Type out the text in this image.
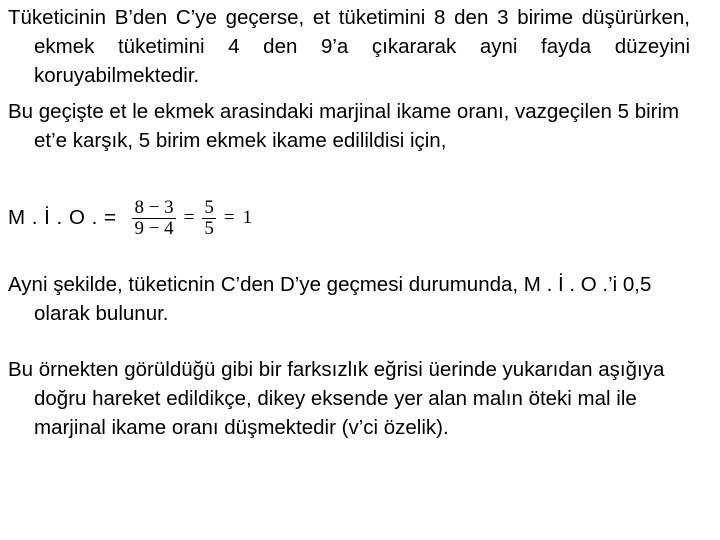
Tüketicinin B’den C’ye geçerse, et tüketimini 8 den 3 birime düşürürken, ekmek tüketimini 4 den 9’a çıkararak ayni fayda düzeyini koruyabilmektedir.

Bu geçişte et le ekmek arasindaki marjinal ikame oranı, vazgeçilen 5 birim et’e karşık, 5 birim ekmek ikame edilildisi için,

M . İ . O . = $\frac{8 - 3}{9 - 4} = \frac{5}{5} = 1$

Ayni şekilde, tüketicnin C’den D’ye geçmesi durumunda, M . İ . O .’i 0,5 olarak bulunur.

Bu örnekten görüldüğü gibi bir farksızlık eğrisi üerinde yukarıdan aşığıya doğru hareket edildikçe, dikey eksende yer alan malın öteki mal ile marjinal ikame oranı düşmektedir (v’ci özelik).
